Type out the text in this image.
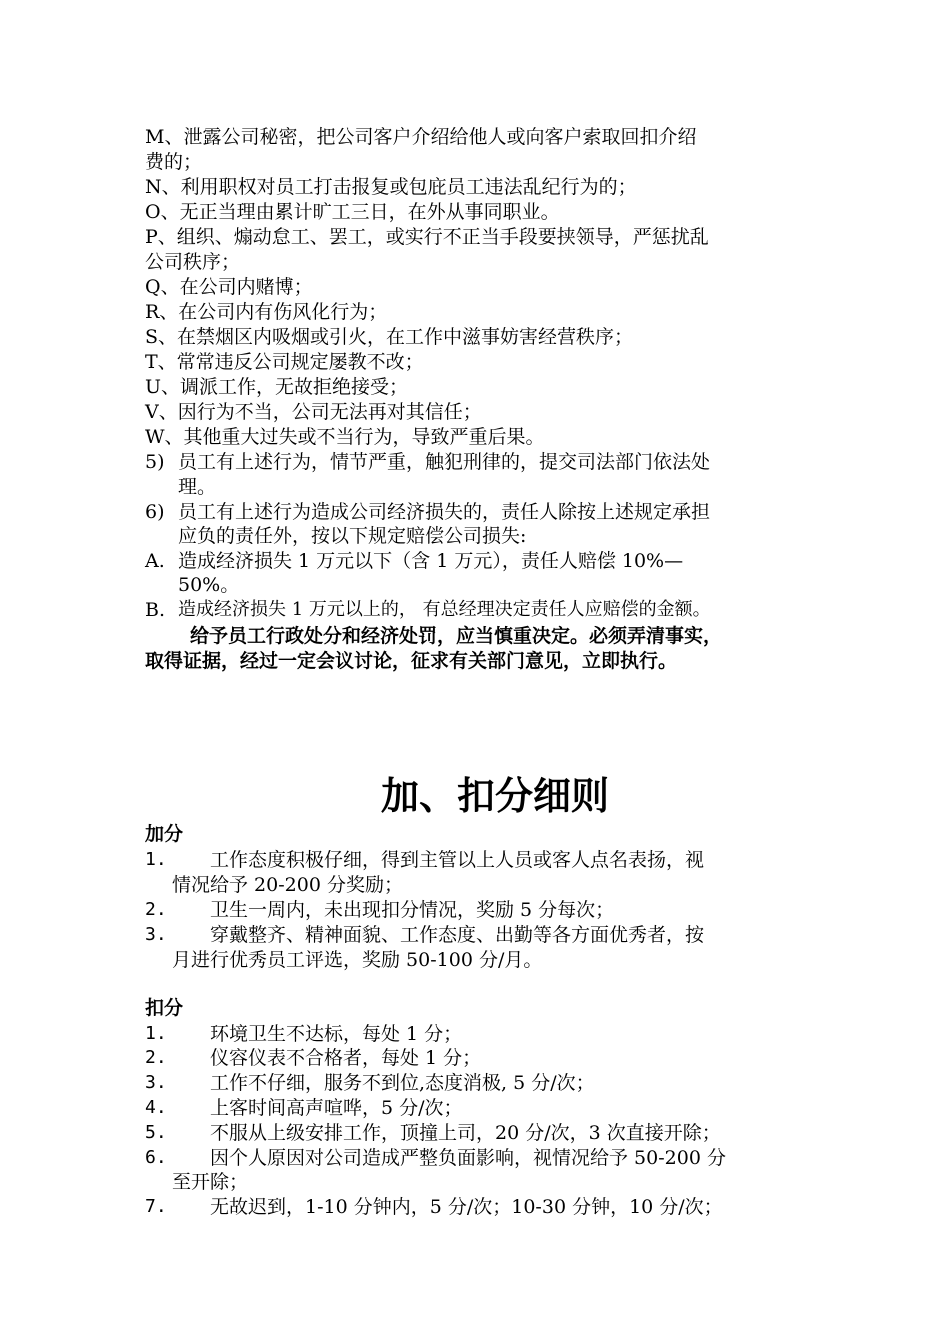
M、泄露公司秘密，把公司客户介绍给他人或向客户索取回扣介绍
费的；
N、利用职权对员工打击报复或包庇员工违法乱纪行为的；
O、无正当理由累计旷工三日，在外从事同职业。
P、组织、煽动怠工、罢工，或实行不正当手段要挟领导，严惩扰乱
公司秩序；
Q、在公司内赌博；
R、在公司内有伤风化行为；
S、在禁烟区内吸烟或引火，在工作中滋事妨害经营秩序；
T、常常违反公司规定屡教不改；
U、调派工作，无故拒绝接受；
V、因行为不当，公司无法再对其信任；
W、其他重大过失或不当行为，导致严重后果。
5) 员工有上述行为，情节严重，触犯刑律的，提交司法部门依法处
理。
6) 员工有上述行为造成公司经济损失的，责任人除按上述规定承担
应负的责任外，按以下规定赔偿公司损失:
A. 造成经济损失 1 万元以下（含 1 万元），责任人赔偿 10%—
50%。
B. 造成经济损失 1 万元以上的， 有总经理决定责任人应赔偿的金额。
给予员工行政处分和经济处罚，应当慎重决定。必须弄清事实，
取得证据，经过一定会议讨论，征求有关部门意见，立即执行。
加、扣分细则
加分
1. 工作态度积极仔细，得到主管以上人员或客人点名表扬，视
情况给予 20-200 分奖励；
2. 卫生一周内，未出现扣分情况，奖励 5 分每次；
3. 穿戴整齐、精神面貌、工作态度、出勤等各方面优秀者，按
月进行优秀员工评选，奖励 50-100 分/月。
扣分
1. 环境卫生不达标，每处 1 分；
2. 仪容仪表不合格者，每处 1 分；
3. 工作不仔细，服务不到位,态度消极, 5 分/次；
4. 上客时间高声喧哗，5 分/次；
5. 不服从上级安排工作，顶撞上司，20 分/次，3 次直接开除；
6. 因个人原因对公司造成严整负面影响，视情况给予 50-200 分
至开除；
7. 无故迟到，1-10 分钟内，5 分/次；10-30 分钟，10 分/次；
